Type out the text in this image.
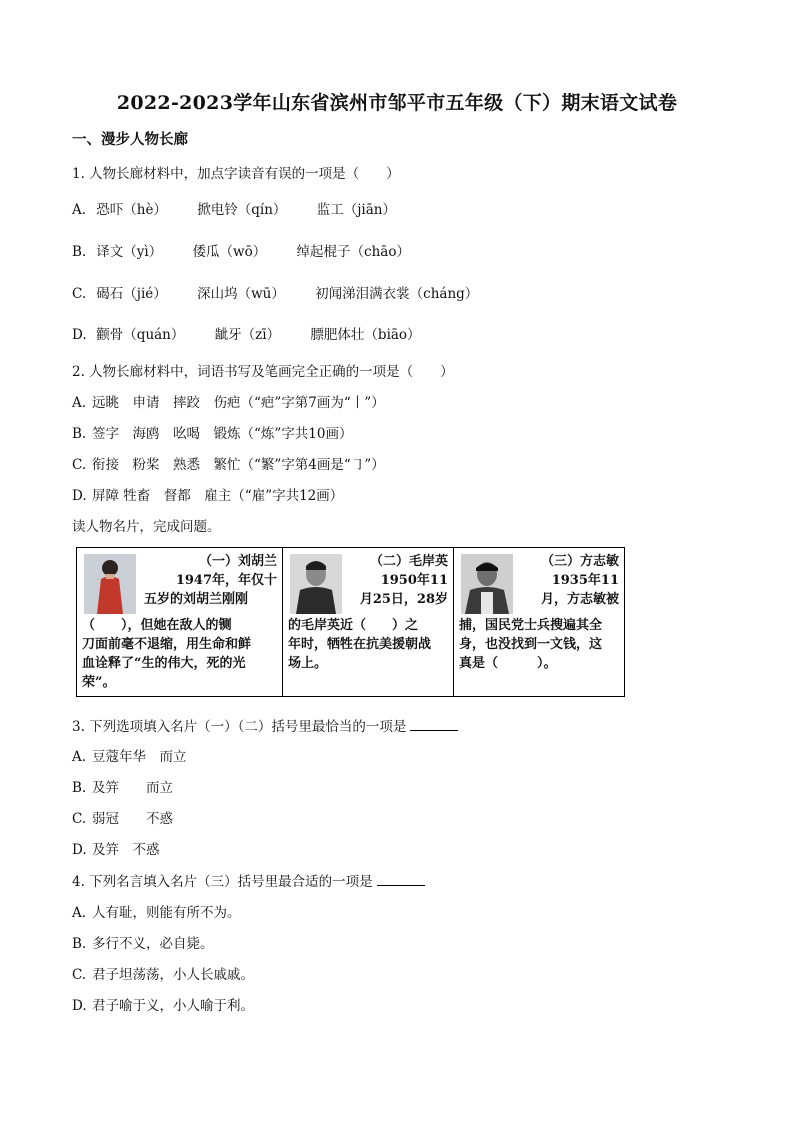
2022-2023学年山东省滨州市邹平市五年级（下）期末语文试卷
一、漫步人物长廊
1. 人物长廊材料中，加点字读音有误的一项是（　　）
A. 恐吓（hè） 掀电铃（qín） 监工（jiān）
B. 译文（yì） 倭瓜（wō） 绰起棍子（chāo）
C. 碣石（jié） 深山坞（wū） 初闻涕泪满衣裳（cháng）
D. 颧骨（quán） 龇牙（zī） 膘肥体壮（biāo）
2. 人物长廊材料中，词语书写及笔画完全正确的一项是（　　）
A. 远眺　申请　摔跤　伤疤（“疤”字第7画为“丨”）
B. 签字　海鸥　吆喝　锻炼（“炼”字共10画）
C. 衔接　粉桨　熟悉　繁忙（“繁”字第4画是“㇆”）
D. 屏障 牲畜　督都　雇主（“雇”字共12画）
读人物名片，完成问题。
（一）刘胡兰
1947年，年仅十
五岁的刘胡兰刚刚
（　　），但她在敌人的铡
刀面前毫不退缩，用生命和鲜
血诠释了“生的伟大，死的光
荣”。

（二）毛岸英
1950年11
月25日，28岁
的毛岸英近（　　）之
年时，牺牲在抗美援朝战
场上。

（三）方志敏
1935年11
月，方志敏被
捕，国民党士兵搜遍其全
身，也没找到一文钱，这
真是（　　　）。
3. 下列选项填入名片（一）（二）括号里最恰当的一项是
A. 豆蔻年华　而立
B. 及笄　　而立
C. 弱冠　　不惑
D. 及笄　不惑
4. 下列名言填入名片（三）括号里最合适的一项是
A. 人有耻，则能有所不为。
B. 多行不义，必自毙。
C. 君子坦荡荡，小人长戚戚。
D. 君子喻于义，小人喻于利。
